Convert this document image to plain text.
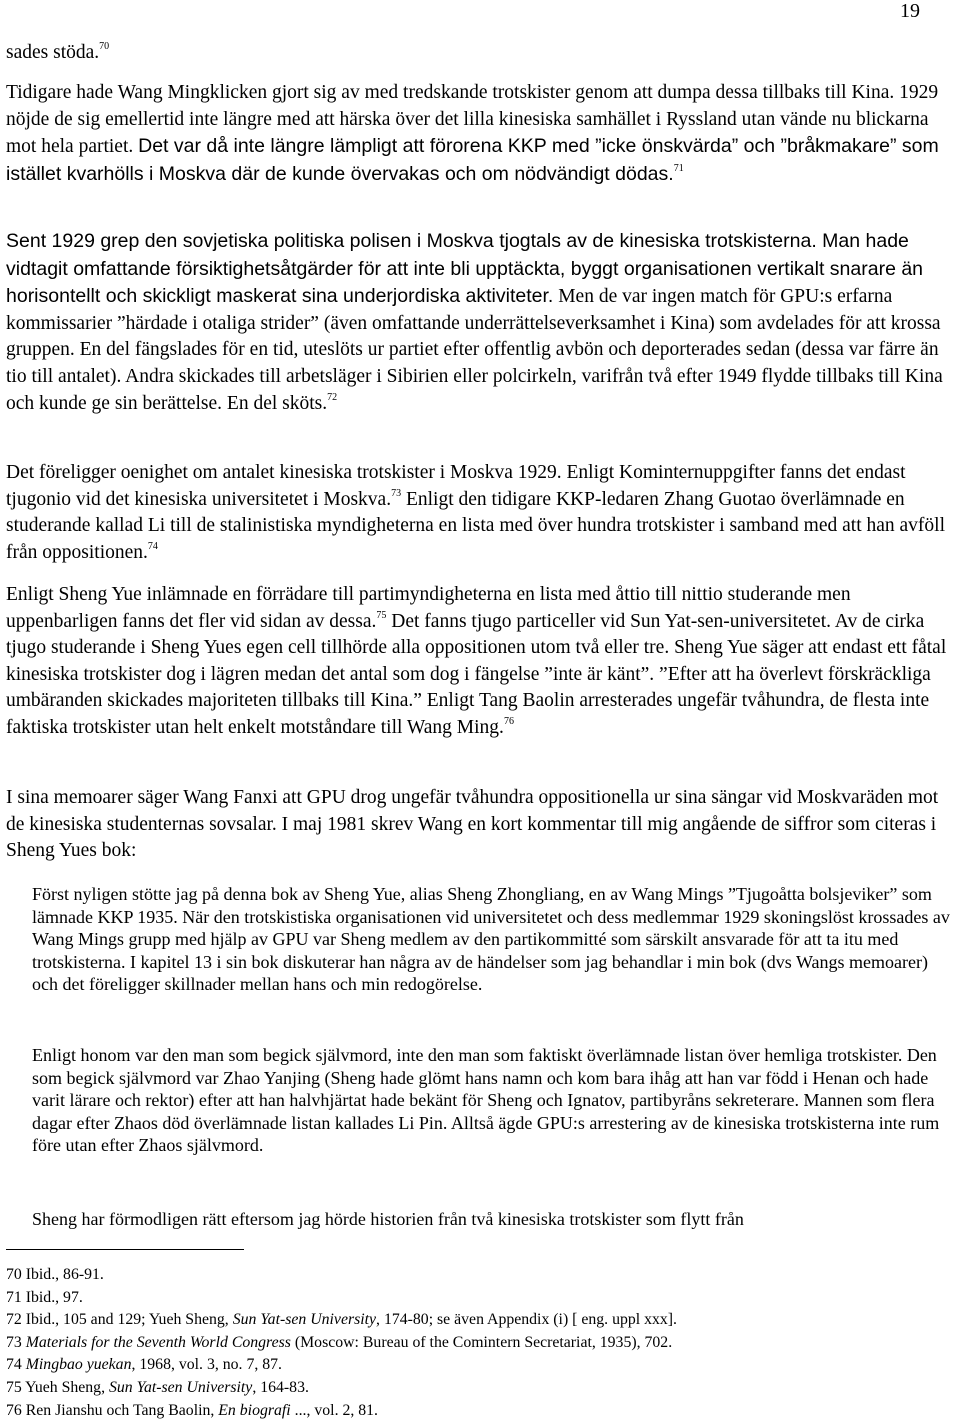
19

sades stöda.$^{70}$

Tidigare hade Wang Mingklicken gjort sig av med tredskande trotskister genom att dumpa dessa tillbaks till Kina. 1929 nöjde de sig emellertid inte längre med att härska över det lilla kinesiska samhället i Ryssland utan vände nu blickarna mot hela partiet. Det var då inte längre lämpligt att förorena KKP med ”icke önskvärda” och ”bråkmakare” som istället kvarhölls i Moskva där de kunde övervakas och om nödvändigt dödas.$^{71}$

Sent 1929 grep den sovjetiska politiska polisen i Moskva tjogtals av de kinesiska trotskisterna. Man hade vidtagit omfattande försiktighetsåtgärder för att inte bli upptäckta, byggt organisationen vertikalt snarare än horisontellt och skickligt maskerat sina underjordiska aktiviteter. Men de var ingen match för GPU:s erfarna kommissarier ”härdade i otaliga strider” (även omfattande underrättelseverksamhet i Kina) som avdelades för att krossa gruppen. En del fängslades för en tid, uteslöts ur partiet efter offentlig avbön och deporterades sedan (dessa var färre än tio till antalet). Andra skickades till arbetsläger i Sibirien eller polcirkeln, varifrån två efter 1949 flydde tillbaks till Kina och kunde ge sin berättelse. En del sköts.$^{72}$

Det föreligger oenighet om antalet kinesiska trotskister i Moskva 1929. Enligt Kominternuppgifter fanns det endast tjugonio vid det kinesiska universitetet i Moskva.$^{73}$ Enligt den tidigare KKP-ledaren Zhang Guotao överlämnade en studerande kallad Li till de stalinistiska myndigheterna en lista med över hundra trotskister i samband med att han avföll från oppositionen.$^{74}$

Enligt Sheng Yue inlämnade en förrädare till partimyndigheterna en lista med åttio till nittio studerande men uppenbarligen fanns det fler vid sidan av dessa.$^{75}$ Det fanns tjugo particeller vid Sun Yat-sen-universitetet. Av de cirka tjugo studerande i Sheng Yues egen cell tillhörde alla oppositionen utom två eller tre. Sheng Yue säger att endast ett fåtal kinesiska trotskister dog i lägren medan det antal som dog i fängelse ”inte är känt”. ”Efter att ha överlevt förskräckliga umbäranden skickades majoriteten tillbaks till Kina.” Enligt Tang Baolin arresterades ungefär tvåhundra, de flesta inte faktiska trotskister utan helt enkelt motståndare till Wang Ming.$^{76}$

I sina memoarer säger Wang Fanxi att GPU drog ungefär tvåhundra oppositionella ur sina sängar vid Moskvaräden mot de kinesiska studenternas sovsalar. I maj 1981 skrev Wang en kort kommentar till mig angående de siffror som citeras i Sheng Yues bok:

Först nyligen stötte jag på denna bok av Sheng Yue, alias Sheng Zhongliang, en av Wang Mings ”Tjugoåtta bolsjeviker” som lämnade KKP 1935. När den trotskistiska organisationen vid universitetet och dess medlemmar 1929 skoningslöst krossades av Wang Mings grupp med hjälp av GPU var Sheng medlem av den partikommitté som särskilt ansvarade för att ta itu med trotskisterna. I kapitel 13 i sin bok diskuterar han några av de händelser som jag behandlar i min bok (dvs Wangs memoarer) och det föreligger skillnader mellan hans och min redogörelse.

Enligt honom var den man som begick självmord, inte den man som faktiskt överlämnade listan över hemliga trotskister. Den som begick självmord var Zhao Yanjing (Sheng hade glömt hans namn och kom bara ihåg att han var född i Henan och hade varit lärare och rektor) efter att han halvhjärtat hade bekänt för Sheng och Ignatov, partibyråns sekreterare. Mannen som flera dagar efter Zhaos död överlämnade listan kallades Li Pin. Alltså ägde GPU:s arrestering av de kinesiska trotskisterna inte rum före utan efter Zhaos självmord.

Sheng har förmodligen rätt eftersom jag hörde historien från två kinesiska trotskister som flytt från

70 Ibid., 86-91.
71 Ibid., 97.
72 Ibid., 105 and 129; Yueh Sheng, Sun Yat-sen University, 174-80; se även Appendix (i) [ eng. uppl xxx].
73 Materials for the Seventh World Congress (Moscow: Bureau of the Comintern Secretariat, 1935), 702.
74 Mingbao yuekan, 1968, vol. 3, no. 7, 87.
75 Yueh Sheng, Sun Yat-sen University, 164-83.
76 Ren Jianshu och Tang Baolin, En biografi ..., vol. 2, 81.
